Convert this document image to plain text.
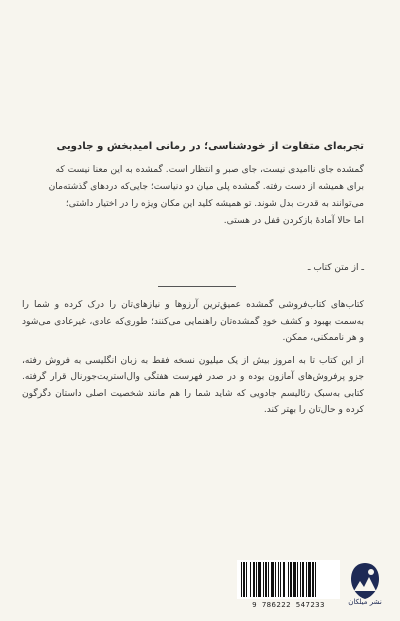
تجربه‌ای متفاوت از خودشناسی؛ در رمانی امیدبخش و جادویی

گمشده جای ناامیدی نیست، جای صبر و انتظار است. گمشده به این معنا نیست که

برای همیشه از دست رفته. گمشده پلی میان دو دنیاست؛ جایی‌که دردهای گذشته‌مان

می‌توانند به قدرت بدل شوند. تو همیشه کلید این مکان ویژه را در اختیار داشتی؛

اما حالا آمادهٔ بازکردن قفل در هستی.

ـ از متن کتاب ـ

کتاب‌های کتاب‌فروشی گمشده عمیق‌ترین آرزوها و نیازهای‌تان را درک کرده و شما را به‌سمت بهبود و کشف خودِ گمشده‌تان راهنمایی می‌کنند؛ طوری‌که عادی، غیرعادی می‌شود و هر ناممکنی، ممکن.

از این کتاب تا به امروز بیش از یک میلیون نسخه فقط به زبان انگلیسی به فروش رفته، جزو پرفروش‌های آمازون بوده و در صدر فهرست هفتگی وال‌استریت‌جورنال قرار گرفته. کتابی به‌سبک رئالیسم جادویی که شاید شما را هم مانند شخصیت اصلی داستان دگرگون کرده و حال‌تان را بهتر کند.

9 786222 547233	نشر میلکان
